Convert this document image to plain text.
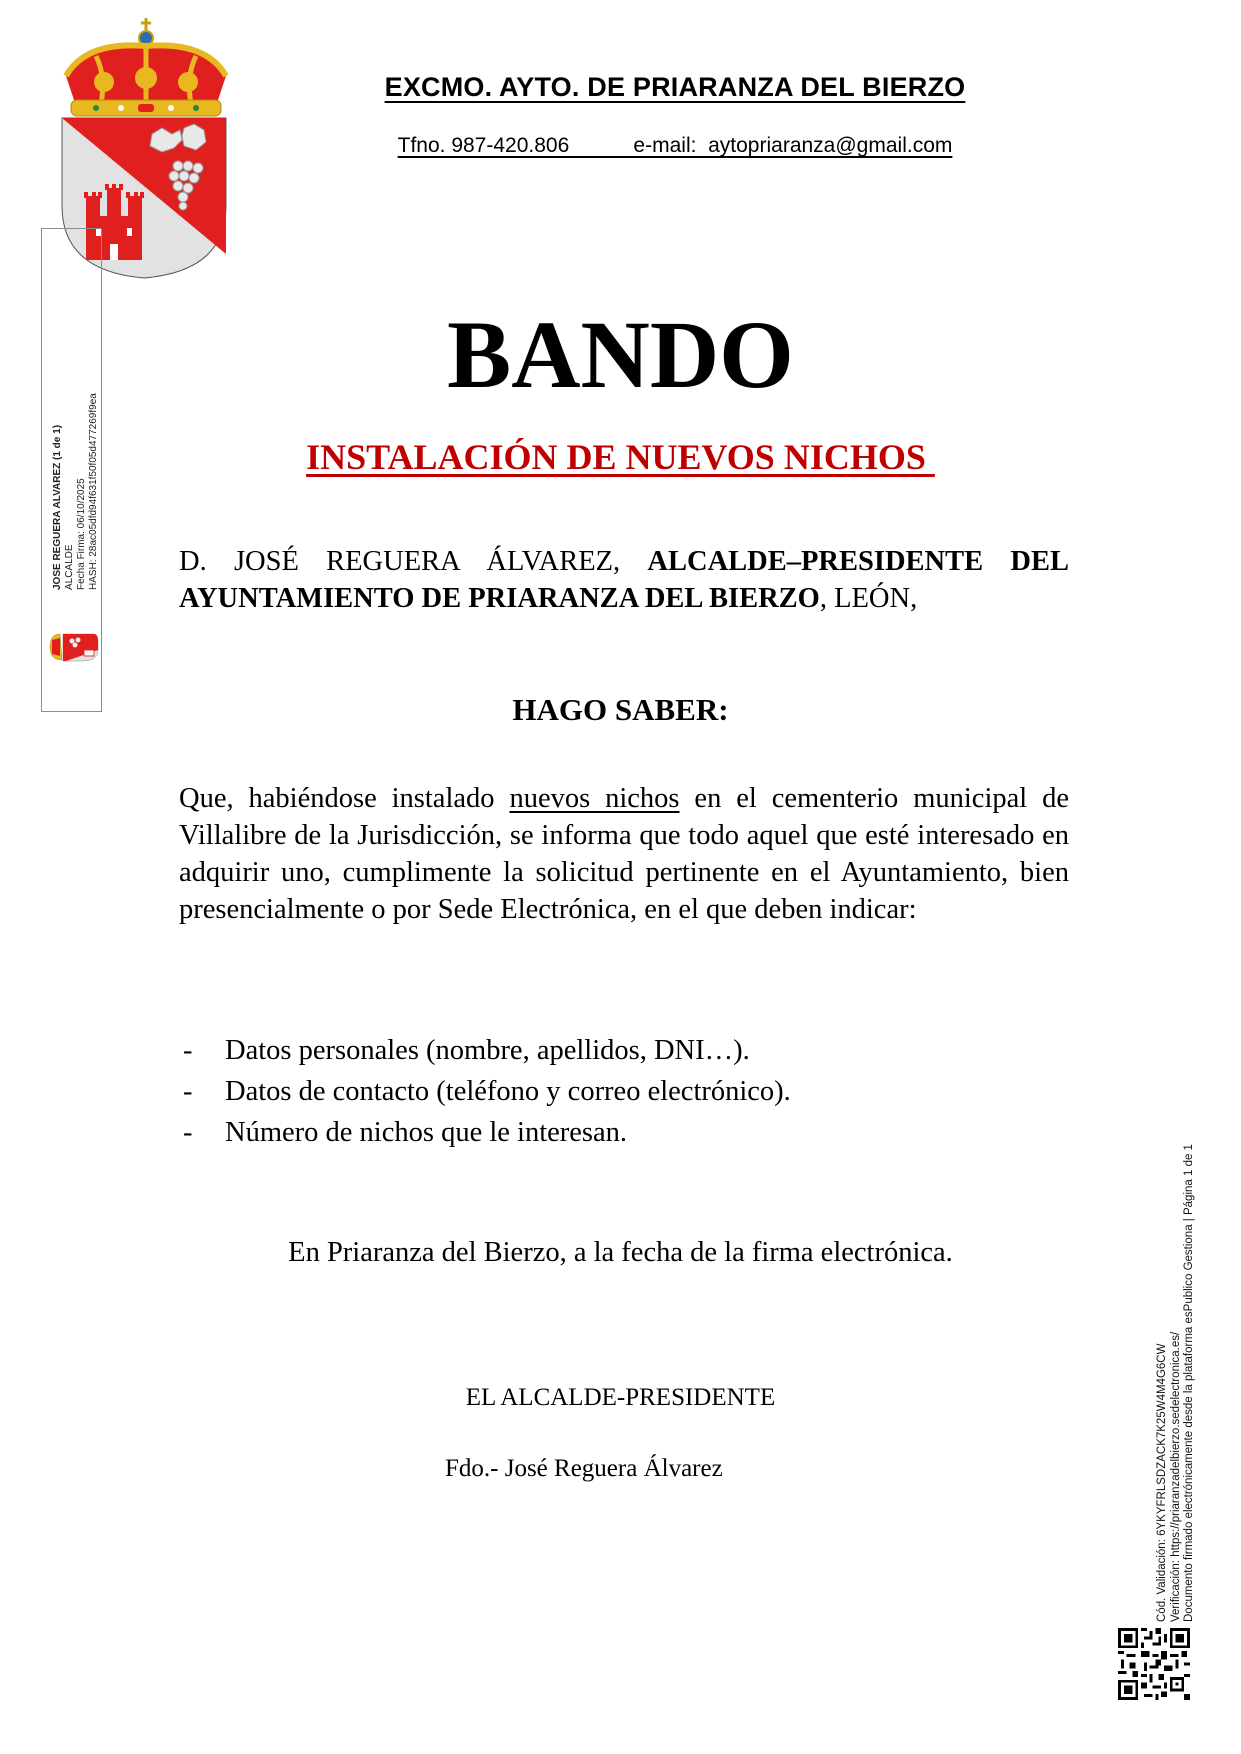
EXCMO. AYTO. DE PRIARANZA DEL BIERZO
Tfno. 987-420.806           e-mail:  aytopriaranza@gmail.com
JOSE REGUERA ALVAREZ (1 de 1) ALCALDE Fecha Firma: 06/10/2025 HASH: 28ac05dfd94f631f50f05d477269f9ea
BANDO
INSTALACIÓN DE NUEVOS NICHOS
D. JOSÉ REGUERA ÁLVAREZ, ALCALDE–PRESIDENTE DEL AYUNTAMIENTO DE PRIARANZA DEL BIERZO, LEÓN,
HAGO SABER:
Que, habiéndose instalado nuevos nichos en el cementerio municipal de Villalibre de la Jurisdicción, se informa que todo aquel que esté interesado en adquirir uno, cumplimente la solicitud pertinente en el Ayuntamiento, bien presencialmente o por Sede Electrónica, en el que deben indicar:
-	Datos personales (nombre, apellidos, DNI…).
-	Datos de contacto (teléfono y correo electrónico).
-	Número de nichos que le interesan.
En Priaranza del Bierzo, a la fecha de la firma electrónica.
EL ALCALDE-PRESIDENTE
Fdo.- José Reguera Álvarez	Cód. Validación: 6YKYFRLSDZACK7K25W4M4G6CW Verificación: https://priaranzadelbierzo.sedelectronica.es/ Documento firmado electrónicamente desde la plataforma esPublico Gestiona | Página 1 de 1
